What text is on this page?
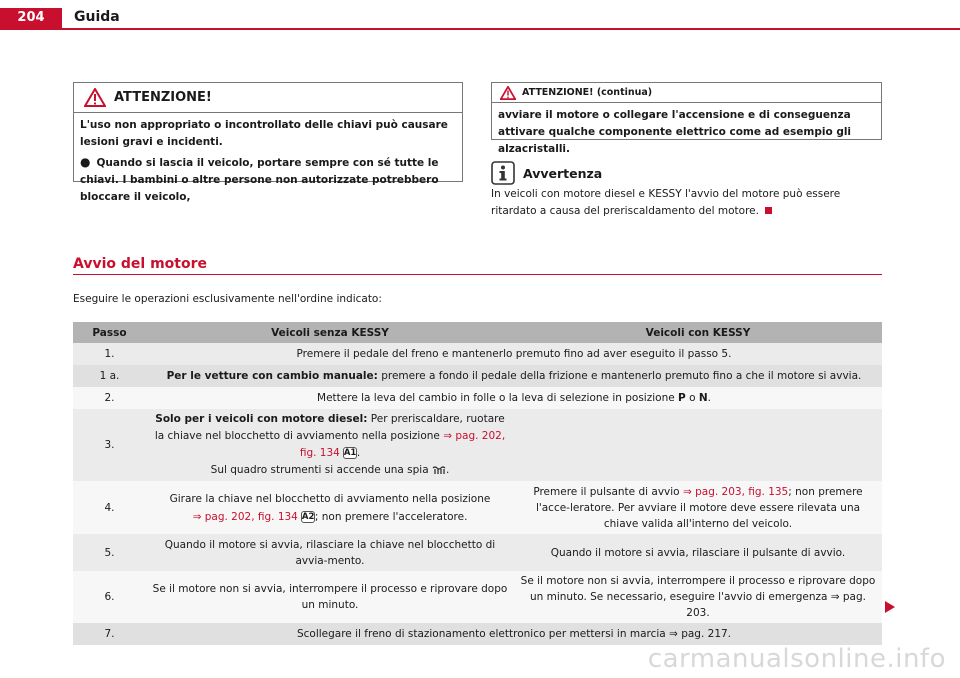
204	Guida
ATTENZIONE!
L'uso non appropriato o incontrollato delle chiavi può causare lesioni gravi e incidenti.
● Quando si lascia il veicolo, portare sempre con sé tutte le chiavi. I bambini o altre persone non autorizzate potrebbero bloccare il veicolo,
ATTENZIONE! (continua)
avviare il motore o collegare l'accensione e di conseguenza attivare qualche componente elettrico come ad esempio gli alzacristalli.
Avvertenza
In veicoli con motore diesel e KESSY l'avvio del motore può essere ritardato a causa del preriscaldamento del motore.
Avvio del motore
Eseguire le operazioni esclusivamente nell'ordine indicato:
Passo	Veicoli senza KESSY	Veicoli con KESSY
1.	Premere il pedale del freno e mantenerlo premuto fino ad aver eseguito il passo 5.	
1 a.	Per le vetture con cambio manuale: premere a fondo il pedale della frizione e mantenerlo premuto fino a che il motore si avvia.	
2.	Mettere la leva del cambio in folle o la leva di selezione in posizione P o N.	
3.	Solo per i veicoli con motore diesel: Per preriscaldare, ruotare la chiave nel blocchetto di avviamento nella posizione ⇒ pag. 202, fig. 134 A1.
Sul quadro strumenti si accende una spia .	
4.	Girare la chiave nel blocchetto di avviamento nella posizione
⇒ pag. 202, fig. 134 A2; non premere l'acceleratore.	Premere il pulsante di avvio ⇒ pag. 203, fig. 135; non premere l'acce-leratore. Per avviare il motore deve essere rilevata una chiave valida all'interno del veicolo.
5.	Quando il motore si avvia, rilasciare la chiave nel blocchetto di avvia-mento.	Quando il motore si avvia, rilasciare il pulsante di avvio.
6.	Se il motore non si avvia, interrompere il processo e riprovare dopo un minuto.	Se il motore non si avvia, interrompere il processo e riprovare dopo un minuto. Se necessario, eseguire l'avvio di emergenza ⇒ pag. 203.
7.	Scollegare il freno di stazionamento elettronico per mettersi in marcia ⇒ pag. 217.	
carmanualsonline.info
